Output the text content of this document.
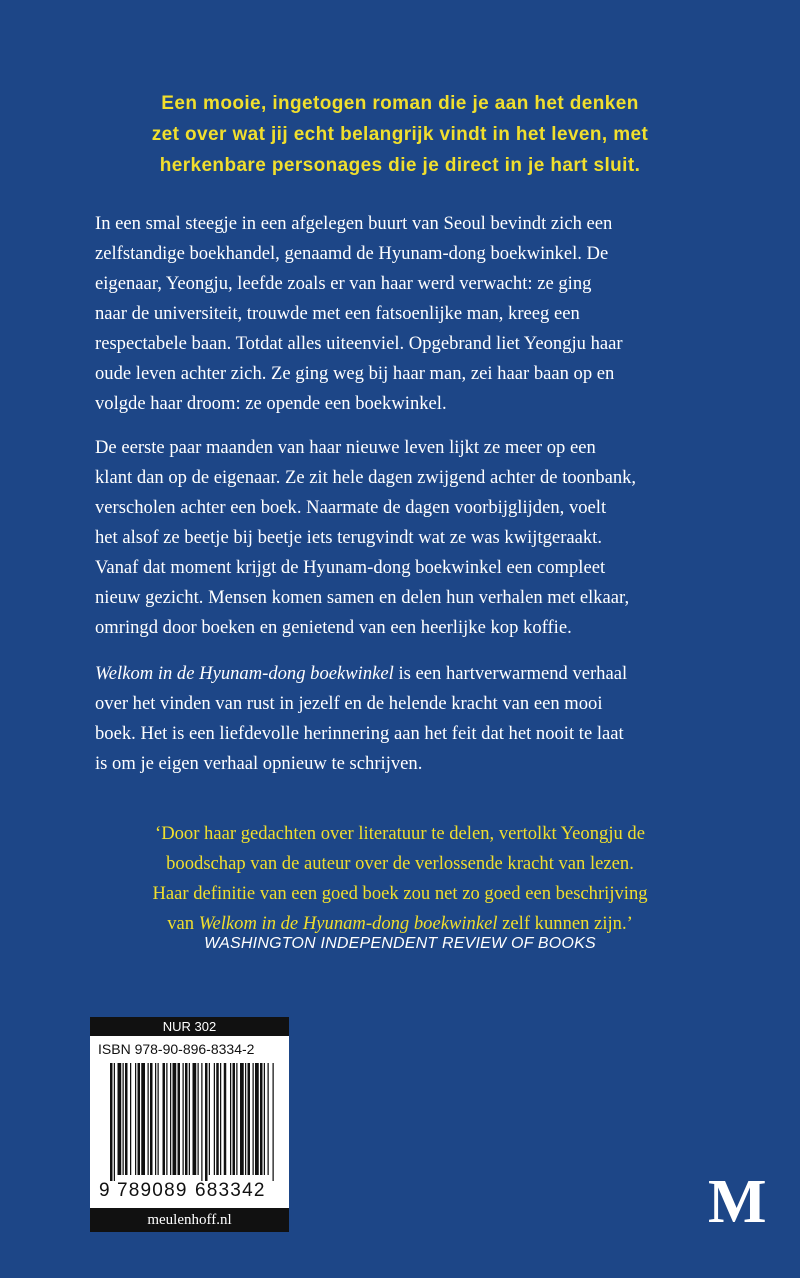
Een mooie, ingetogen roman die je aan het denken
zet over wat jij echt belangrijk vindt in het leven, met
herkenbare personages die je direct in je hart sluit.
In een smal steegje in een afgelegen buurt van Seoul bevindt zich een
zelfstandige boekhandel, genaamd de Hyunam-dong boekwinkel. De
eigenaar, Yeongju, leefde zoals er van haar werd verwacht: ze ging
naar de universiteit, trouwde met een fatsoenlijke man, kreeg een
respectabele baan. Totdat alles uiteenviel. Opgebrand liet Yeongju haar
oude leven achter zich. Ze ging weg bij haar man, zei haar baan op en
volgde haar droom: ze opende een boekwinkel.
De eerste paar maanden van haar nieuwe leven lijkt ze meer op een
klant dan op de eigenaar. Ze zit hele dagen zwijgend achter de toonbank,
verscholen achter een boek. Naarmate de dagen voorbijglijden, voelt
het alsof ze beetje bij beetje iets terugvindt wat ze was kwijtgeraakt.
Vanaf dat moment krijgt de Hyunam-dong boekwinkel een compleet
nieuw gezicht. Mensen komen samen en delen hun verhalen met elkaar,
omringd door boeken en genietend van een heerlijke kop koffie.
Welkom in de Hyunam-dong boekwinkel is een hartverwarmend verhaal
over het vinden van rust in jezelf en de helende kracht van een mooi
boek. Het is een liefdevolle herinnering aan het feit dat het nooit te laat
is om je eigen verhaal opnieuw te schrijven.
‘Door haar gedachten over literatuur te delen, vertolkt Yeongju de
boodschap van de auteur over de verlossende kracht van lezen.
Haar definitie van een goed boek zou net zo goed een beschrijving
van Welkom in de Hyunam-dong boekwinkel zelf kunnen zijn.’
WASHINGTON INDEPENDENT REVIEW OF BOOKS
NUR 302
ISBN 978-90-896-8334-2
9 789089 683342
meulenhoff.nl	M
